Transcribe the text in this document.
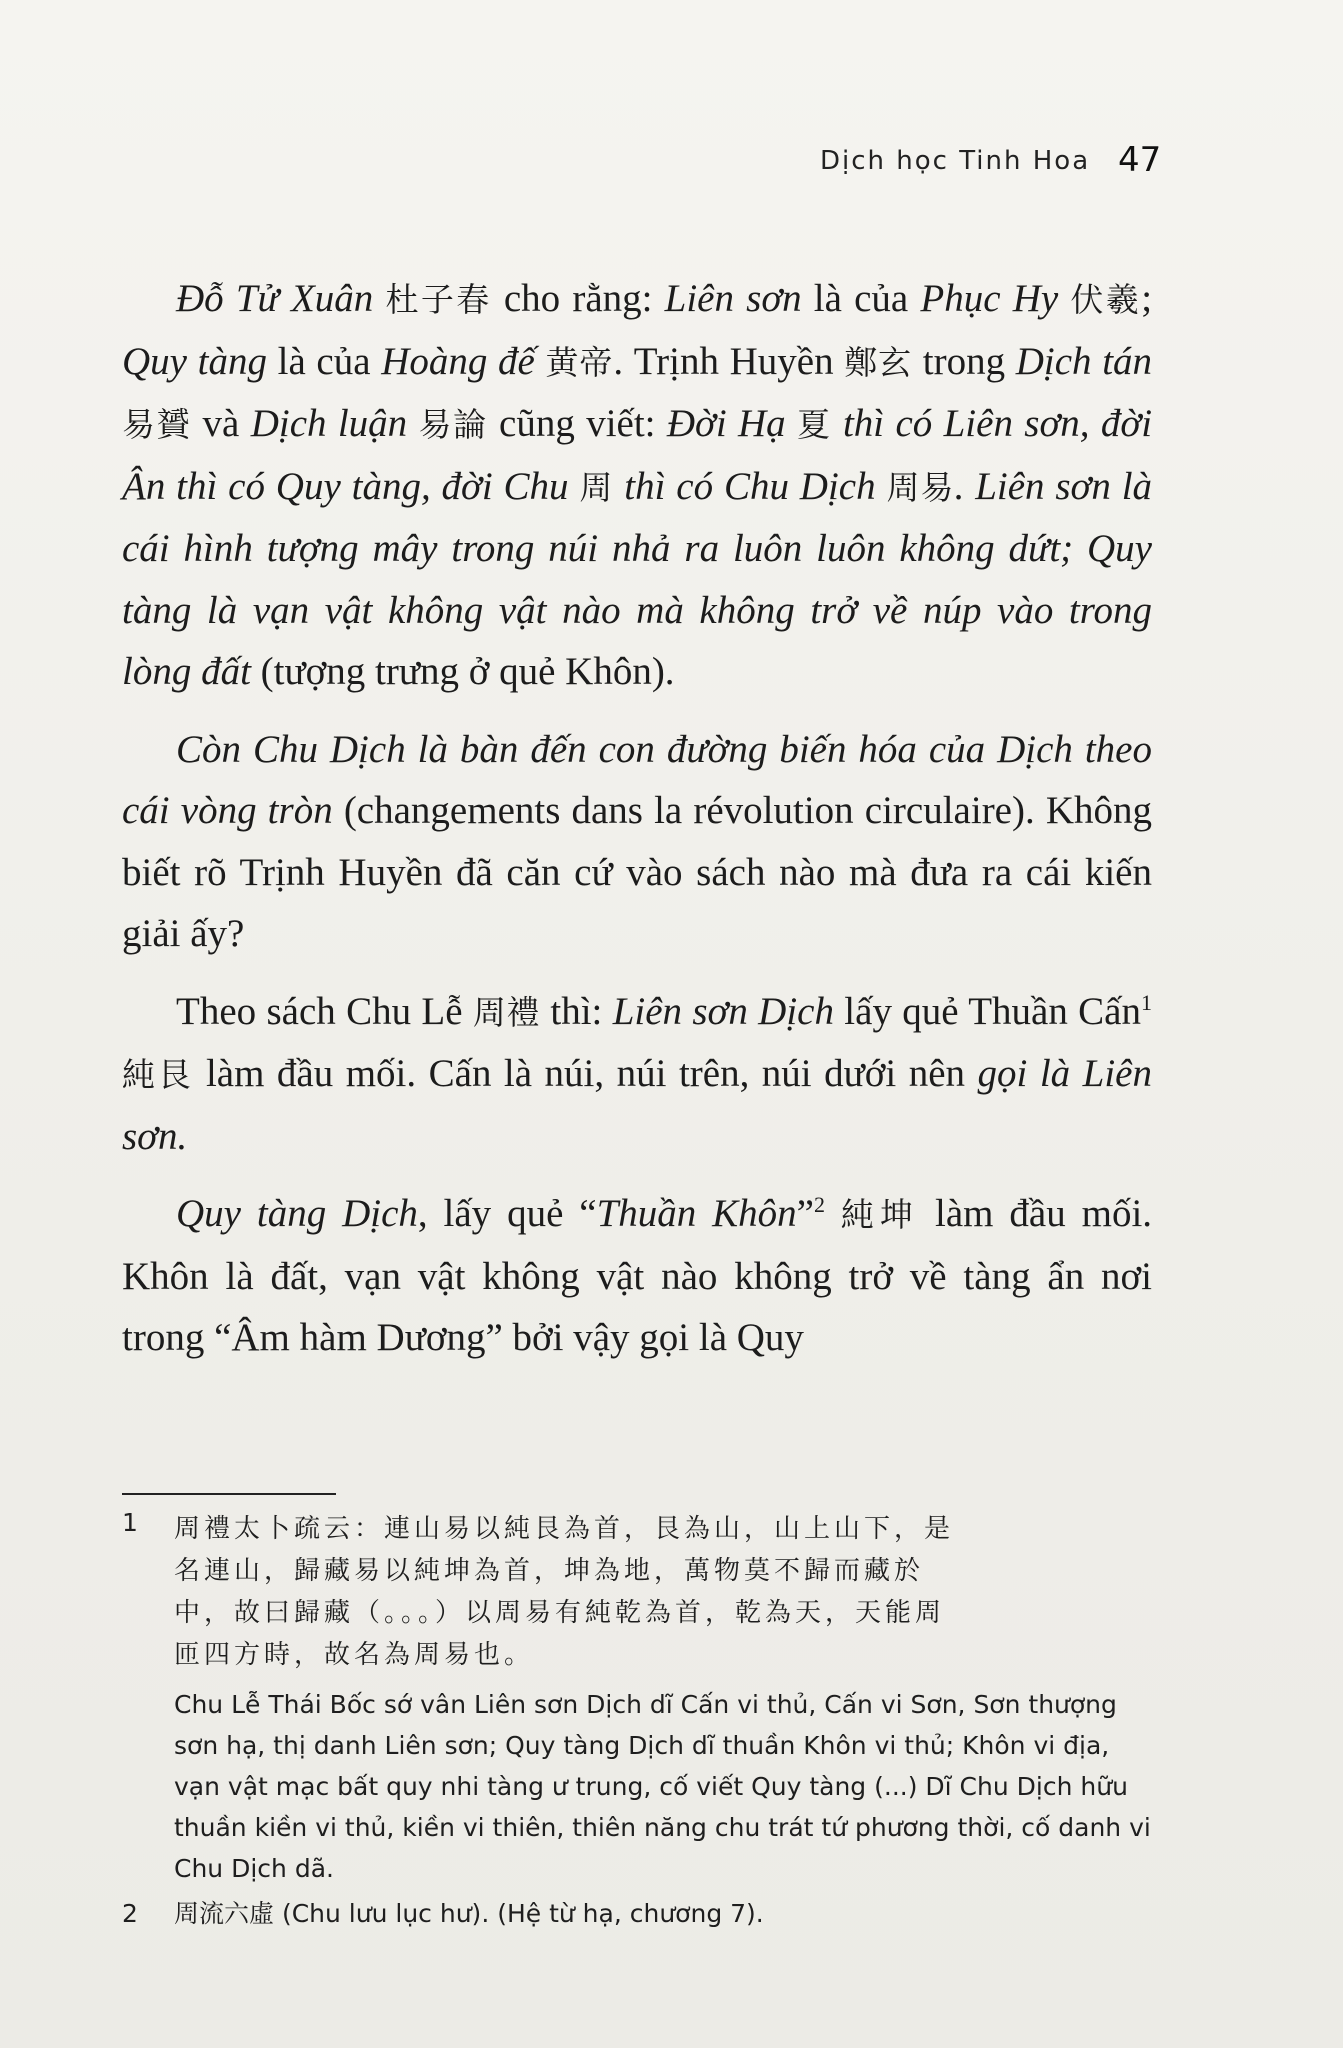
Dịch học Tinh Hoa 47

Đỗ Tử Xuân 杜子春 cho rằng: Liên sơn là của Phục Hy 伏羲; Quy tàng là của Hoàng đế 黄帝. Trịnh Huyền 鄭玄 trong Dịch tán 易贇 và Dịch luận 易論 cũng viết: Đời Hạ 夏 thì có Liên sơn, đời Ân thì có Quy tàng, đời Chu 周 thì có Chu Dịch 周易. Liên sơn là cái hình tượng mây trong núi nhả ra luôn luôn không dứt; Quy tàng là vạn vật không vật nào mà không trở về núp vào trong lòng đất (tượng trưng ở quẻ Khôn).

Còn Chu Dịch là bàn đến con đường biến hóa của Dịch theo cái vòng tròn (changements dans la révolution circulaire). Không biết rõ Trịnh Huyền đã căn cứ vào sách nào mà đưa ra cái kiến giải ấy?

Theo sách Chu Lễ 周禮 thì: Liên sơn Dịch lấy quẻ Thuần Cấn$^1$ 純艮 làm đầu mối. Cấn là núi, núi trên, núi dưới nên gọi là Liên sơn.

Quy tàng Dịch, lấy quẻ “Thuần Khôn”$^2$ 純坤 làm đầu mối. Khôn là đất, vạn vật không vật nào không trở về tàng ẩn nơi trong “Âm hàm Dương” bởi vậy gọi là Quy

1 周禮太卜疏云：連山易以純艮為首，艮為山，山上山下，是
名連山，歸藏易以純坤為首，坤為地，萬物莫不歸而藏於
中，故曰歸藏（。。。）以周易有純乾為首，乾為天，天能周
匝四方時，故名為周易也。
Chu Lễ Thái Bốc sớ vân Liên sơn Dịch dĩ Cấn vi thủ, Cấn vi Sơn, Sơn thượng sơn hạ, thị danh Liên sơn; Quy tàng Dịch dĩ thuần Khôn vi thủ; Khôn vi địa, vạn vật mạc bất quy nhi tàng ư trung, cố viết Quy tàng (...) Dĩ Chu Dịch hữu thuần kiền vi thủ, kiền vi thiên, thiên năng chu trát tứ phương thời, cố danh vi Chu Dịch dã.
2 周流六虛 (Chu lưu lục hư). (Hệ từ hạ, chương 7).
